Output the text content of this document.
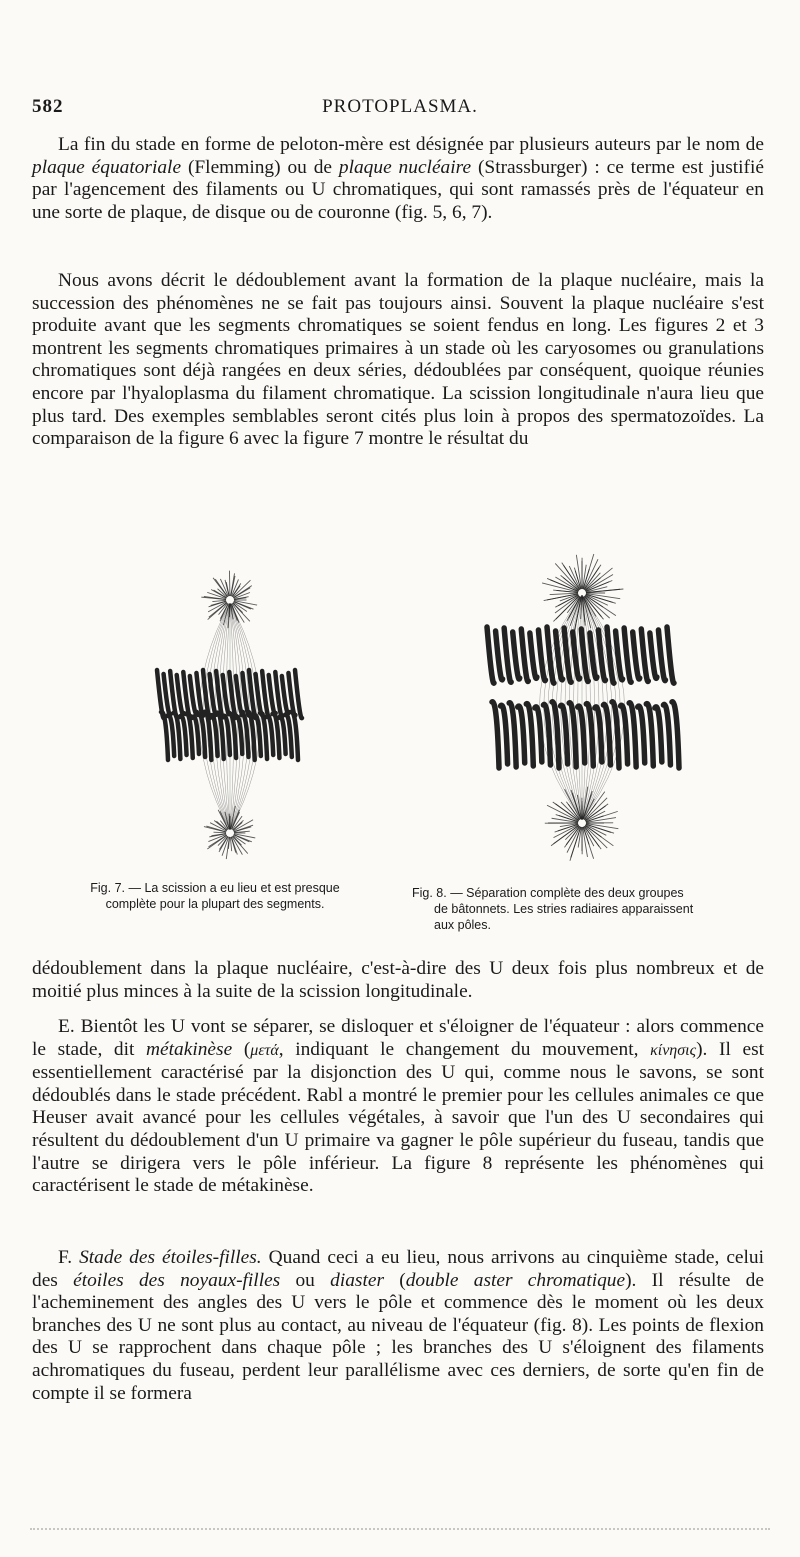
582	PROTOPLASMA.

La fin du stade en forme de peloton-mère est désignée par plusieurs auteurs par le nom de plaque équatoriale (Flemming) ou de plaque nucléaire (Strassburger) : ce terme est justifié par l'agencement des filaments ou U chromatiques, qui sont ramassés près de l'équateur en une sorte de plaque, de disque ou de couronne (fig. 5, 6, 7).

Nous avons décrit le dédoublement avant la formation de la plaque nucléaire, mais la succession des phénomènes ne se fait pas toujours ainsi. Souvent la plaque nucléaire s'est produite avant que les segments chromatiques se soient fendus en long. Les figures 2 et 3 montrent les segments chromatiques primaires à un stade où les caryosomes ou granulations chromatiques sont déjà rangées en deux séries, dédoublées par conséquent, quoique réunies encore par l'hyaloplasma du filament chromatique. La scission longitudinale n'aura lieu que plus tard. Des exemples semblables seront cités plus loin à propos des spermatozoïdes. La comparaison de la figure 6 avec la figure 7 montre le résultat du

Fig. 7. — La scission a eu lieu et est presque
complète pour la plupart des segments.
Fig. 8. — Séparation complète des deux groupes
de bâtonnets. Les stries radiaires apparaissent
aux pôles.

dédoublement dans la plaque nucléaire, c'est-à-dire des U deux fois plus nombreux et de moitié plus minces à la suite de la scission longitudinale.

E. Bientôt les U vont se séparer, se disloquer et s'éloigner de l'équateur : alors commence le stade, dit métakinèse (μετά, indiquant le changement du mouvement, κίνησις). Il est essentiellement caractérisé par la disjonction des U qui, comme nous le savons, se sont dédoublés dans le stade précédent. Rabl a montré le premier pour les cellules animales ce que Heuser avait avancé pour les cellules végétales, à savoir que l'un des U secondaires qui résultent du dédoublement d'un U primaire va gagner le pôle supérieur du fuseau, tandis que l'autre se dirigera vers le pôle inférieur. La figure 8 représente les phénomènes qui caractérisent le stade de métakinèse.

F. Stade des étoiles-filles. Quand ceci a eu lieu, nous arrivons au cinquième stade, celui des étoiles des noyaux-filles ou diaster (double aster chromatique). Il résulte de l'acheminement des angles des U vers le pôle et commence dès le moment où les deux branches des U ne sont plus au contact, au niveau de l'équateur (fig. 8). Les points de flexion des U se rapprochent dans chaque pôle ; les branches des U s'éloignent des filaments achromatiques du fuseau, perdent leur parallélisme avec ces derniers, de sorte qu'en fin de compte il se formera
